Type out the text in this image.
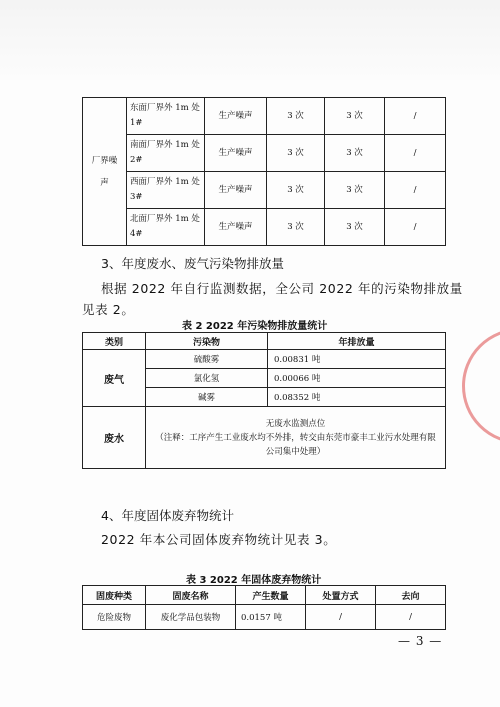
厂界噪声	东面厂界外 1m 处 1#	生产噪声	3 次	3 次	/
	南面厂界外 1m 处 2#	生产噪声	3 次	3 次	/
	西面厂界外 1m 处 3#	生产噪声	3 次	3 次	/
	北面厂界外 1m 处 4#	生产噪声	3 次	3 次	/
3、年度废水、废气污染物排放量
根据 2022 年自行监测数据，全公司 2022 年的污染物排放量
见表 2。
表 2 2022 年污染物排放量统计
类别	污染物	年排放量
废气	硫酸雾	0.00831 吨
	氯化氢	0.00066 吨
	碱雾	0.08352 吨
废水	无废水监测点位
（注释：工序产生工业废水均不外排，转交由东莞市豪丰工业污水处理有限
公司集中处理）	
4、年度固体废弃物统计
2022 年本公司固体废弃物统计见表 3。
表 3 2022 年固体废弃物统计
固废种类	固废名称	产生数量	处置方式	去向
危险废物	废化学品包装物	0.0157 吨	/	/
— 3 —
